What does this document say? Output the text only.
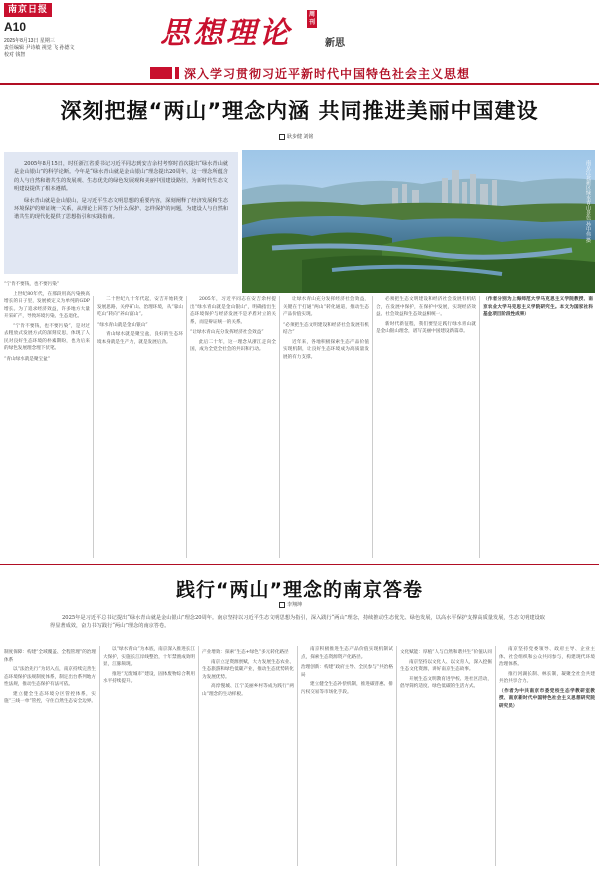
南京日报
A10
2025年8月13日 星期三
责任编辑 尹诗敏 视觉 飞 孙德文
校对 钱智
思想理论
周刊
新思
深入学习贯彻习近平新时代中国特色社会主义思想
深刻把握“两山”理念内涵 共同推进美丽中国建设
耿步健 刘铭

2005年8月15日，时任浙江省委书记习近平同志到安吉余村考察时首次提出“绿水青山就是金山银山”的科学论断。今年是“绿水青山就是金山银山”理念提出20周年，这一理念所蕴含的人与自然和谐共生的发展观、生态优先的绿色发展观和美丽中国建设路径，为新时代生态文明建设提供了根本遵循。

绿水青山就是金山银山，是习近平生态文明思想的重要内容，深刻阐释了经济发展和生态环境保护的辩证统一关系，从理论上回答了为什么保护、怎样保护的问题，为建设人与自然和谐共生的现代化提供了思想指引和实践指南。	南京江北新区绿水青山景色 孙中伟 摄

“宁肯不要钱，也不要污染”

上世纪80年代，在那段用高污染换高增长的日子里，发展被定义为单纯的GDP增长。为了追求经济效益，许多地方大量开采矿产，导致环境污染、生态退化。

“宁肯不要钱，也不要污染”，是对过去粗放式发展方式的深刻反思，体现了人民对良好生态环境的朴素期盼，也为后来的绿色发展理念埋下伏笔。

“青山绿水就是聚宝盆”

二十世纪九十年代起，安吉开始转变发展思路，关停矿山、治理环境，从“靠山吃山”转向“养山富山”。

“绿水青山就是金山银山”

青山绿水就是聚宝盆，良好的生态环境本身就是生产力，就是发展后劲。

2005年，习近平同志在安吉余村提出“绿水青山就是金山银山”，明确指出生态环境保护与经济发展不是矛盾对立的关系，而是辩证统一的关系。

“让绿水青山充分发挥经济社会效益”

此后二十年，这一理念从浙江走向全国，成为全党全社会的共识和行动。

让绿水青山充分发挥经济社会效益，关键在于打通“两山”转化通道，推动生态产品价值实现。

“必须把生态文明建设和经济社会发展有机结合”

近年来，各地积极探索生态产品价值实现机制，让良好生态环境成为高质量发展的有力支撑。

必须把生态文明建设和经济社会发展有机结合，在发展中保护，在保护中发展，实现经济效益、社会效益和生态效益相统一。

新时代新征程，我们要坚定践行绿水青山就是金山银山理念，谱写美丽中国建设新篇章。

（作者分别为上海师范大学马克思主义学院教授、南京农业大学马克思主义学院研究生。本文为国家社科基金项目阶段性成果）

践行“两山”理念的南京答卷
李翔坤

2025年是习近平总书记提出“绿水青山就是金山银山”理念20周年。南京坚持以习近平生态文明思想为指引，深入践行“两山”理念，持续推动生态优先、绿色发展，以高水平保护支撑高质量发展，生态文明建设取得显著成效，奋力书写践行“两山”理念的南京答卷。

制度保障：构建“全域覆盖、全程管理”的治理体系

以“法治先行”为切入点，南京持续完善生态环境保护法规制度体系，制定出台系列地方性法规，推动生态保护有法可依。

建立健全生态环境分区管控体系，实施“三线一单”管控，守住自然生态安全边界。

以“绿水青山”为本底，南京深入推进长江大保护，实施长江岸线整治，十年禁渔成效明显，江豚频现。

推进“无废城市”建设，固体废物综合利用水平持续提升。

产业增效：探索“生态+绿色”多元转化路径

南京立足资源禀赋，大力发展生态农业、生态旅游和绿色低碳产业，推动生态优势转化为发展优势。

高淳慢城、江宁美丽乡村等成为践行“两山”理念的生动样板。

南京积极推进生态产品价值实现机制试点，探索生态资源资产化路径。

治理创新：构建“政府主导、全民参与”共治格局

建立健全生态补偿机制，推进碳普惠、排污权交易等市场化手段。

文化赋能：厚植“人与自然和谐共生”价值认同

南京坚持以文化人、以文育人，深入挖掘生态文化资源，讲好南京生态故事。

开展生态文明教育进学校、进社区活动，倡导简约适度、绿色低碳的生活方式。

南京坚持党委领导、政府主导、企业主体、社会组织和公众共同参与，构建现代环境治理体系。

推行河湖长制、林长制，凝聚全社会共建共治共享合力。

（作者为中共南京市委党校生态学教研室教授、南京新时代中国特色社会主义思想研究院研究员）
